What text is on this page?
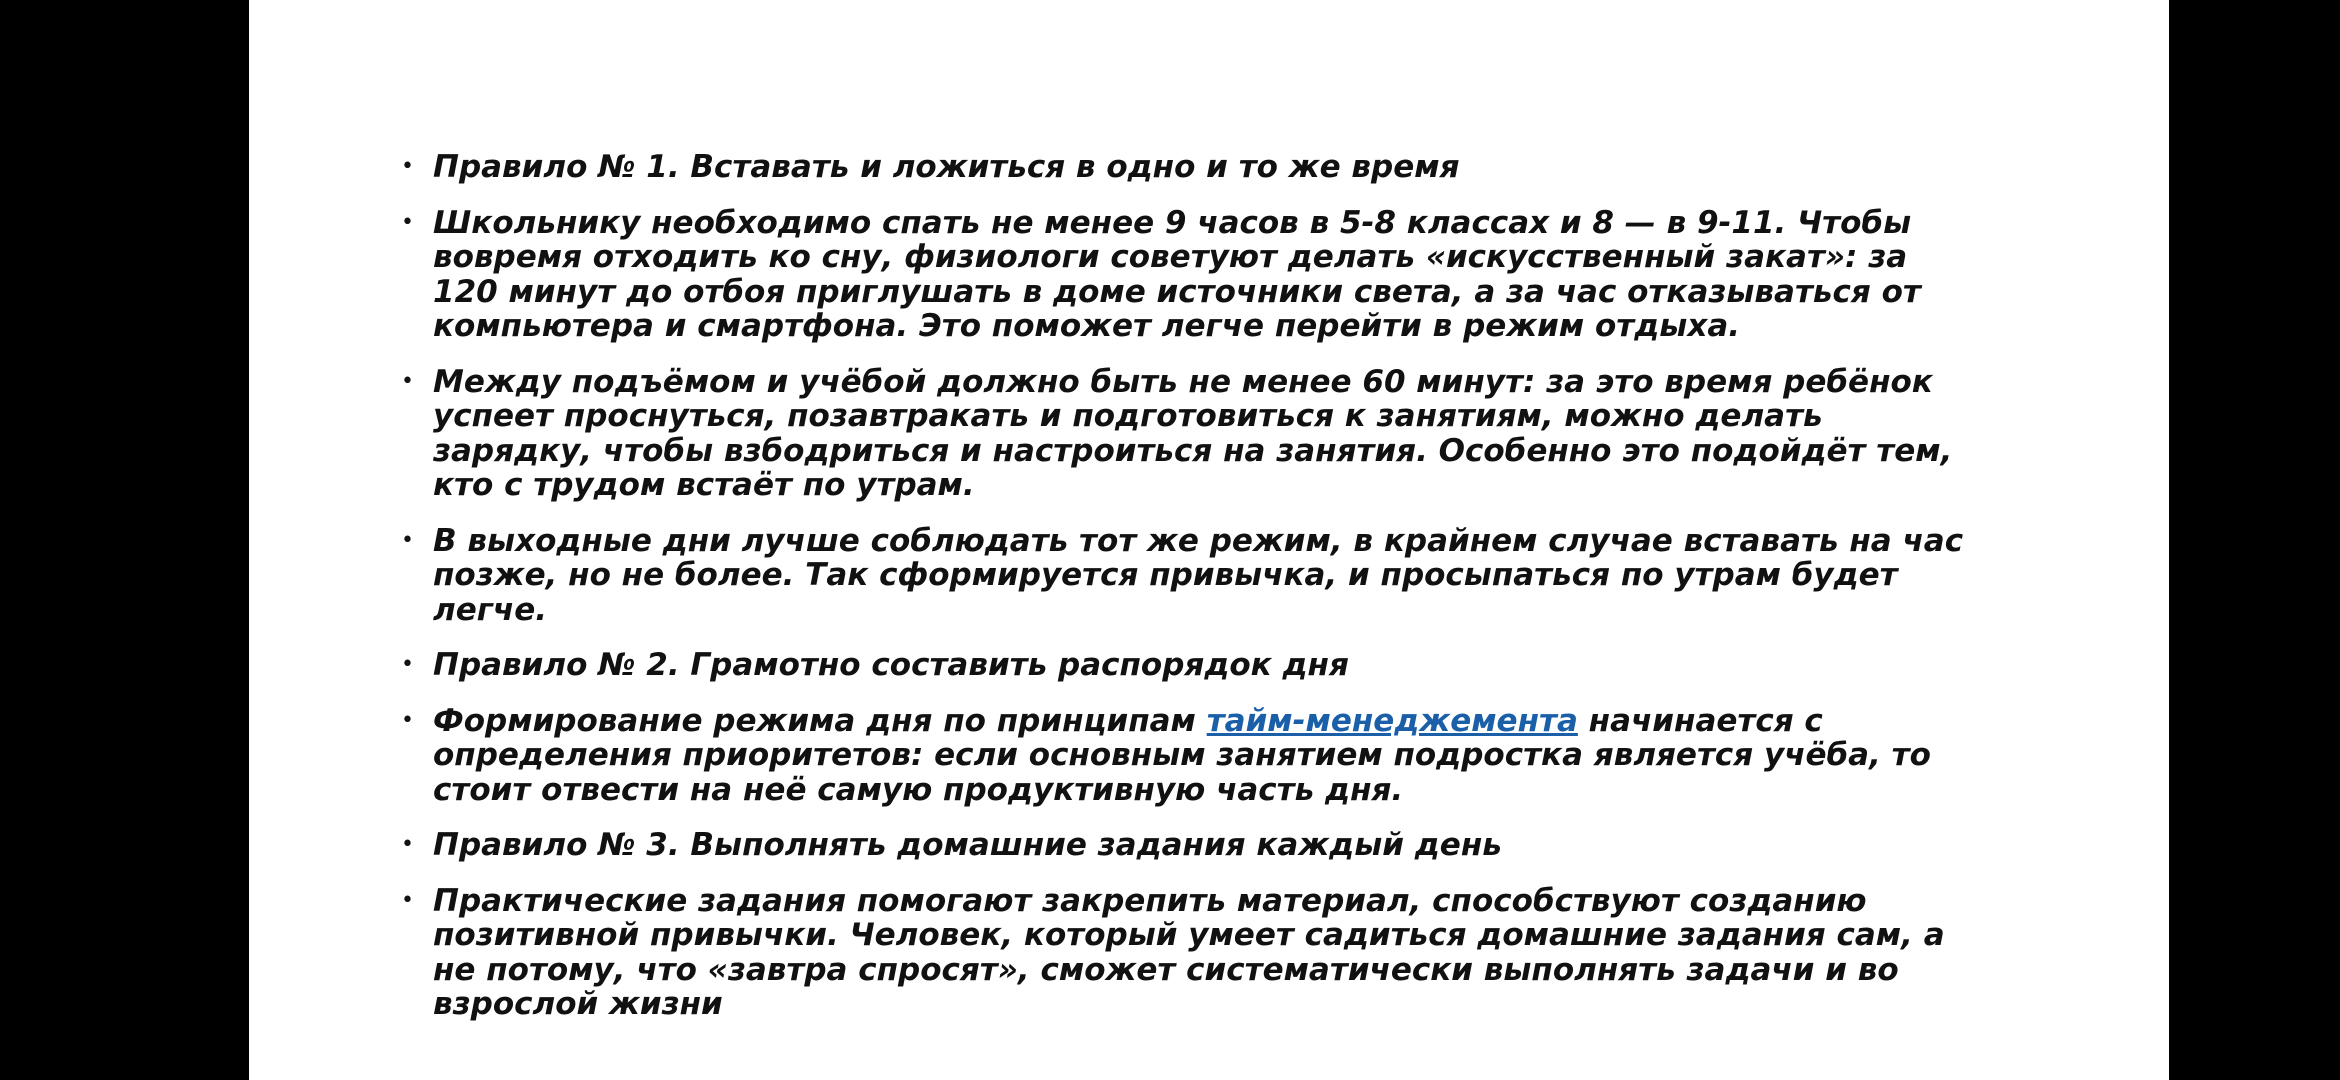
• Правило № 1. Вставать и ложиться в одно и то же время
• Школьнику необходимо спать не менее 9 часов в 5-8 классах и 8 — в 9-11. Чтобы
вовремя отходить ко сну, физиологи советуют делать «искусственный закат»: за
120 минут до отбоя приглушать в доме источники света, а за час отказываться от
компьютера и смартфона. Это поможет легче перейти в режим отдыха.
• Между подъёмом и учёбой должно быть не менее 60 минут: за это время ребёнок
успеет проснуться, позавтракать и подготовиться к занятиям, можно делать
зарядку, чтобы взбодриться и настроиться на занятия. Особенно это подойдёт тем,
кто с трудом встаёт по утрам.
• В выходные дни лучше соблюдать тот же режим, в крайнем случае вставать на час
позже, но не более. Так сформируется привычка, и просыпаться по утрам будет
легче.
• Правило № 2. Грамотно составить распорядок дня
• Формирование режима дня по принципам тайм-менеджемента начинается с
определения приоритетов: если основным занятием подростка является учёба, то
стоит отвести на неё самую продуктивную часть дня.
• Правило № 3. Выполнять домашние задания каждый день
• Практические задания помогают закрепить материал, способствуют созданию
позитивной привычки. Человек, который умеет садиться домашние задания сам, а
не потому, что «завтра спросят», сможет систематически выполнять задачи и во
взрослой жизни
